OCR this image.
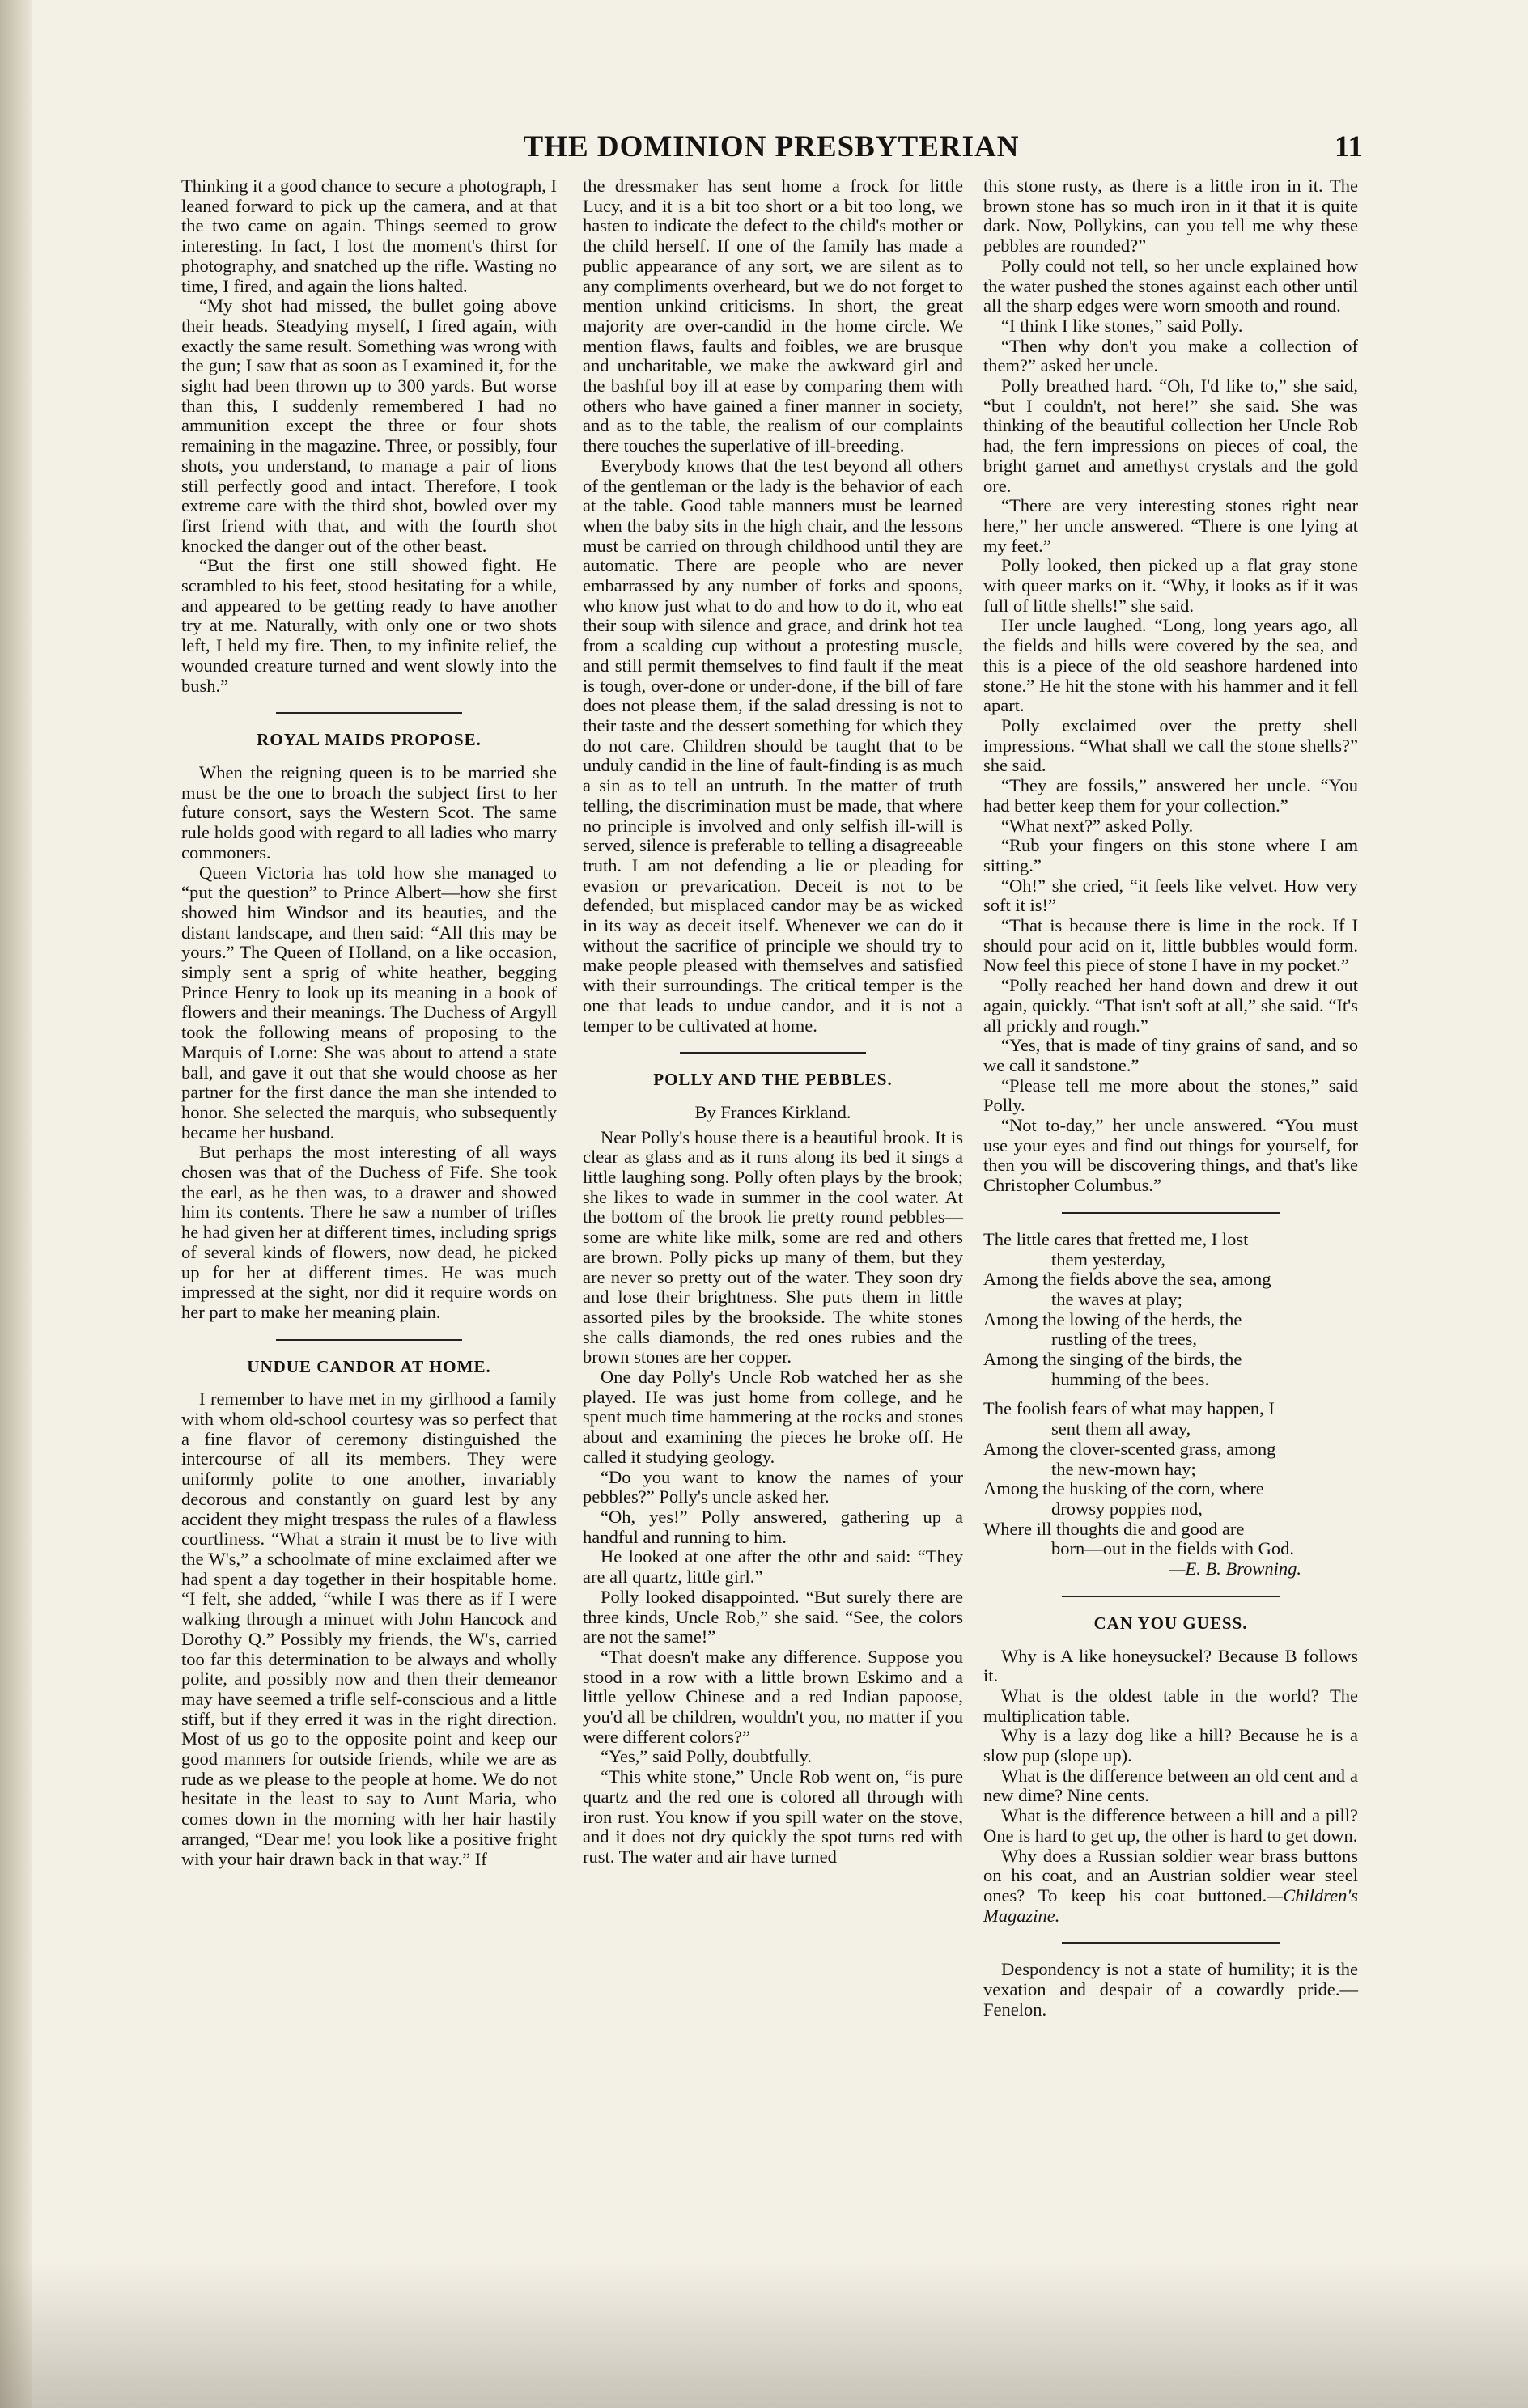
THE DOMINION PRESBYTERIAN	11

Thinking it a good chance to secure a photograph, I leaned forward to pick up the camera, and at that the two came on again. Things seemed to grow interesting. In fact, I lost the moment's thirst for photography, and snatched up the rifle. Wasting no time, I fired, and again the lions halted.

“My shot had missed, the bullet going above their heads. Steadying myself, I fired again, with exactly the same result. Something was wrong with the gun; I saw that as soon as I examined it, for the sight had been thrown up to 300 yards. But worse than this, I suddenly remembered I had no ammunition except the three or four shots remaining in the magazine. Three, or possibly, four shots, you understand, to manage a pair of lions still perfectly good and intact. Therefore, I took extreme care with the third shot, bowled over my first friend with that, and with the fourth shot knocked the danger out of the other beast.

“But the first one still showed fight. He scrambled to his feet, stood hesitating for a while, and appeared to be getting ready to have another try at me. Naturally, with only one or two shots left, I held my fire. Then, to my infinite relief, the wounded creature turned and went slowly into the bush.”

ROYAL MAIDS PROPOSE.

When the reigning queen is to be married she must be the one to broach the subject first to her future consort, says the Western Scot. The same rule holds good with regard to all ladies who marry commoners.

Queen Victoria has told how she managed to “put the question” to Prince Albert—how she first showed him Windsor and its beauties, and the distant landscape, and then said: “All this may be yours.” The Queen of Holland, on a like occasion, simply sent a sprig of white heather, begging Prince Henry to look up its meaning in a book of flowers and their meanings. The Duchess of Argyll took the following means of proposing to the Marquis of Lorne: She was about to attend a state ball, and gave it out that she would choose as her partner for the first dance the man she intended to honor. She selected the marquis, who subsequently became her husband.

But perhaps the most interesting of all ways chosen was that of the Duchess of Fife. She took the earl, as he then was, to a drawer and showed him its contents. There he saw a number of trifles he had given her at different times, including sprigs of several kinds of flowers, now dead, he picked up for her at different times. He was much impressed at the sight, nor did it require words on her part to make her meaning plain.

UNDUE CANDOR AT HOME.

I remember to have met in my girlhood a family with whom old-school courtesy was so perfect that a fine flavor of ceremony distinguished the intercourse of all its members. They were uniformly polite to one another, invariably decorous and constantly on guard lest by any accident they might trespass the rules of a flawless courtliness. “What a strain it must be to live with the W's,” a schoolmate of mine exclaimed after we had spent a day together in their hospitable home. “I felt, she added, “while I was there as if I were walking through a minuet with John Hancock and Dorothy Q.” Possibly my friends, the W's, carried too far this determination to be always and wholly polite, and possibly now and then their demeanor may have seemed a trifle self-conscious and a little stiff, but if they erred it was in the right direction. Most of us go to the opposite point and keep our good manners for outside friends, while we are as rude as we please to the people at home. We do not hesitate in the least to say to Aunt Maria, who comes down in the morning with her hair hastily arranged, “Dear me! you look like a positive fright with your hair drawn back in that way.” If

the dressmaker has sent home a frock for little Lucy, and it is a bit too short or a bit too long, we hasten to indicate the defect to the child's mother or the child herself. If one of the family has made a public appearance of any sort, we are silent as to any compliments overheard, but we do not forget to mention unkind criticisms. In short, the great majority are over-candid in the home circle. We mention flaws, faults and foibles, we are brusque and uncharitable, we make the awkward girl and the bashful boy ill at ease by comparing them with others who have gained a finer manner in society, and as to the table, the realism of our complaints there touches the superlative of ill-breeding.

Everybody knows that the test beyond all others of the gentleman or the lady is the behavior of each at the table. Good table manners must be learned when the baby sits in the high chair, and the lessons must be carried on through childhood until they are automatic. There are people who are never embarrassed by any number of forks and spoons, who know just what to do and how to do it, who eat their soup with silence and grace, and drink hot tea from a scalding cup without a protesting muscle, and still permit themselves to find fault if the meat is tough, over-done or under-done, if the bill of fare does not please them, if the salad dressing is not to their taste and the dessert something for which they do not care. Children should be taught that to be unduly candid in the line of fault-finding is as much a sin as to tell an untruth. In the matter of truth telling, the discrimination must be made, that where no principle is involved and only selfish ill-will is served, silence is preferable to telling a disagreeable truth. I am not defending a lie or pleading for evasion or prevarication. Deceit is not to be defended, but misplaced candor may be as wicked in its way as deceit itself. Whenever we can do it without the sacrifice of principle we should try to make people pleased with themselves and satisfied with their surroundings. The critical temper is the one that leads to undue candor, and it is not a temper to be cultivated at home.

POLLY AND THE PEBBLES.
By Frances Kirkland.

Near Polly's house there is a beautiful brook. It is clear as glass and as it runs along its bed it sings a little laughing song. Polly often plays by the brook; she likes to wade in summer in the cool water. At the bottom of the brook lie pretty round pebbles—some are white like milk, some are red and others are brown. Polly picks up many of them, but they are never so pretty out of the water. They soon dry and lose their brightness. She puts them in little assorted piles by the brookside. The white stones she calls diamonds, the red ones rubies and the brown stones are her copper.

One day Polly's Uncle Rob watched her as she played. He was just home from college, and he spent much time hammering at the rocks and stones about and examining the pieces he broke off. He called it studying geology.

“Do you want to know the names of your pebbles?” Polly's uncle asked her.

“Oh, yes!” Polly answered, gathering up a handful and running to him.

He looked at one after the othr and said: “They are all quartz, little girl.”

Polly looked disappointed. “But surely there are three kinds, Uncle Rob,” she said. “See, the colors are not the same!”

“That doesn't make any difference. Suppose you stood in a row with a little brown Eskimo and a little yellow Chinese and a red Indian papoose, you'd all be children, wouldn't you, no matter if you were different colors?”

“Yes,” said Polly, doubtfully.

“This white stone,” Uncle Rob went on, “is pure quartz and the red one is colored all through with iron rust. You know if you spill water on the stove, and it does not dry quickly the spot turns red with rust. The water and air have turned

this stone rusty, as there is a little iron in it. The brown stone has so much iron in it that it is quite dark. Now, Pollykins, can you tell me why these pebbles are rounded?”

Polly could not tell, so her uncle explained how the water pushed the stones against each other until all the sharp edges were worn smooth and round.

“I think I like stones,” said Polly.

“Then why don't you make a collection of them?” asked her uncle.

Polly breathed hard. “Oh, I'd like to,” she said, “but I couldn't, not here!” she said. She was thinking of the beautiful collection her Uncle Rob had, the fern impressions on pieces of coal, the bright garnet and amethyst crystals and the gold ore.

“There are very interesting stones right near here,” her uncle answered. “There is one lying at my feet.”

Polly looked, then picked up a flat gray stone with queer marks on it. “Why, it looks as if it was full of little shells!” she said.

Her uncle laughed. “Long, long years ago, all the fields and hills were covered by the sea, and this is a piece of the old seashore hardened into stone.” He hit the stone with his hammer and it fell apart.

Polly exclaimed over the pretty shell impressions. “What shall we call the stone shells?” she said.

“They are fossils,” answered her uncle. “You had better keep them for your collection.”

“What next?” asked Polly.

“Rub your fingers on this stone where I am sitting.”

“Oh!” she cried, “it feels like velvet. How very soft it is!”

“That is because there is lime in the rock. If I should pour acid on it, little bubbles would form. Now feel this piece of stone I have in my pocket.”

“Polly reached her hand down and drew it out again, quickly. “That isn't soft at all,” she said. “It's all prickly and rough.”

“Yes, that is made of tiny grains of sand, and so we call it sandstone.”

“Please tell me more about the stones,” said Polly.

“Not to-day,” her uncle answered. “You must use your eyes and find out things for yourself, for then you will be discovering things, and that's like Christopher Columbus.”

The little cares that fretted me, I lost
them yesterday,
Among the fields above the sea, among
the waves at play;
Among the lowing of the herds, the
rustling of the trees,
Among the singing of the birds, the
humming of the bees.
The foolish fears of what may happen, I
sent them all away,
Among the clover-scented grass, among
the new-mown hay;
Among the husking of the corn, where
drowsy poppies nod,
Where ill thoughts die and good are
born—out in the fields with God.
—E. B. Browning.
CAN YOU GUESS.

Why is A like honeysuckel? Because B follows it.

What is the oldest table in the world? The multiplication table.

Why is a lazy dog like a hill? Because he is a slow pup (slope up).

What is the difference between an old cent and a new dime? Nine cents.

What is the difference between a hill and a pill? One is hard to get up, the other is hard to get down.

Why does a Russian soldier wear brass buttons on his coat, and an Austrian soldier wear steel ones? To keep his coat buttoned.—Children's Magazine.

Despondency is not a state of humility; it is the vexation and despair of a cowardly pride.—Fenelon.
